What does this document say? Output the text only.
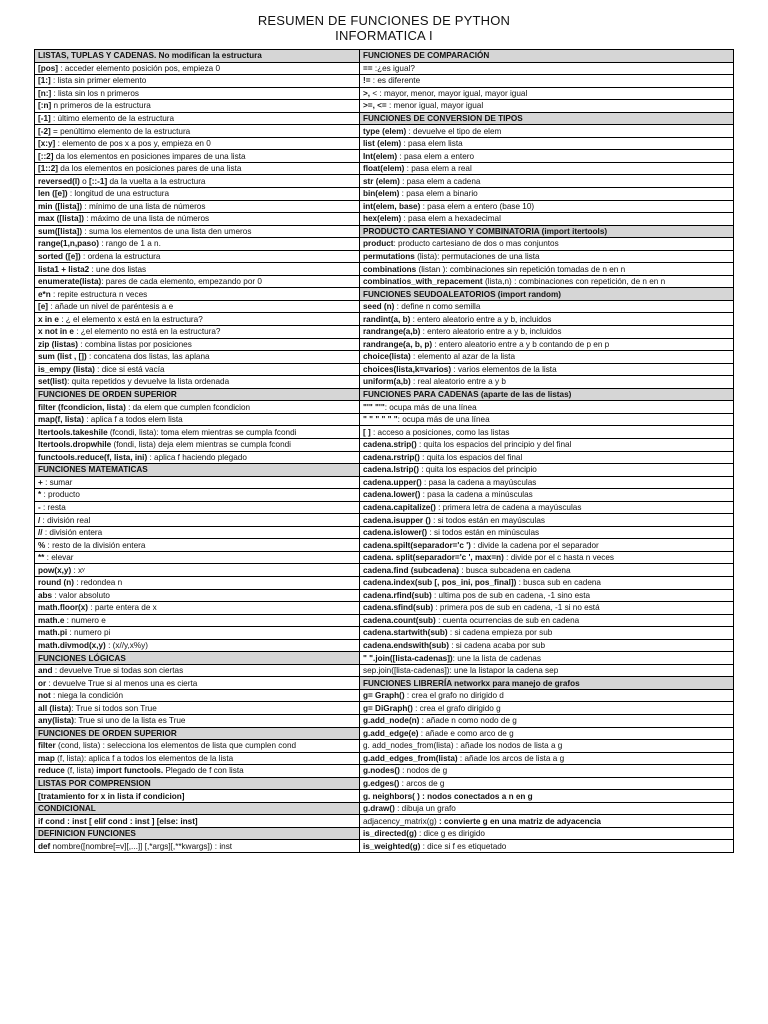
RESUMEN DE FUNCIONES DE PYTHON
INFORMATICA I
LISTAS, TUPLAS Y CADENAS. No modifican la estructura	FUNCIONES DE COMPARACIÓN
[pos] : acceder elemento posición pos, empieza 0	== :¿es igual?
[1:] : lista sin primer elemento	!= : es diferente
[n:] : lista sin los n primeros	>, < : mayor, menor, mayor igual, mayor igual
[:n] n primeros de la estructura	>=, <= : menor igual, mayor igual
[-1] : último elemento de la estructura	FUNCIONES DE CONVERSION DE TIPOS
[-2] = penúltimo elemento de la estructura	type (elem) : devuelve el tipo de elem
[x:y] : elemento de pos x a pos y, empieza en 0	list (elem) : pasa elem lista
[::2] da los elementos en posiciones impares de una lista	Int(elem) : pasa elem a entero
[1::2] da los elementos en posiciones pares de una lista	float(elem) : pasa elem a real
reversed(l) o [::-1] da la vuelta a la estructura	str (elem) : pasa elem a cadena
len ([e]) : longitud de una estructura	bin(elem) : pasa elem a binario
min ([lista]) : mínimo de una lista de números	int(elem, base) : pasa elem a entero (base 10)
max ([lista]) : máximo de una lista de números	hex(elem) : pasa elem a hexadecimal
sum([lista]) : suma los elementos de una lista den umeros	PRODUCTO CARTESIANO Y COMBINATORIA (import itertools)
range(1,n,paso) : rango de 1 a n.	product: producto cartesiano de dos o mas conjuntos
sorted ([e]) : ordena la estructura	permutations (lista): permutaciones de una lista
lista1 + lista2 : une dos listas	combinations (listan ): combinaciones sin repetición tomadas de n en n
enumerate(lista): pares de cada elemento, empezando por 0	combinatios_with_repacement (lista,n) : combinaciones con repetición, de n en n
e*n : repite estructura n veces	FUNCIONES SEUDOALEATORIOS (import random)
[e] : añade un nivel de paréntesis a e	seed (n) : define n como semilla
x in e : ¿ el elemento x está en la estructura?	randint(a, b) : entero aleatorio entre a y b, incluidos
x not in e : ¿el elemento no está en la estructura?	randrange(a,b) : entero aleatorio entre a y b, incluidos
zip (listas) : combina listas por posiciones	randrange(a, b, p) : entero aleatorio entre a y b contando de p en p
sum (list , []) : concatena dos listas, las aplana	choice(lista) : elemento al azar de la lista
is_empy (lista) : dice si está vacía	choices(lista,k=varios) : varios elementos de la lista
set(list): quita repetidos y devuelve la lista ordenada	uniform(a,b) : real aleatorio entre a y b
FUNCIONES DE ORDEN SUPERIOR	FUNCIONES PARA CADENAS (aparte de las de listas)
filter (fcondicion, lista) : da elem que cumplen fcondicion	"'" "'": ocupa más de una línea
map(f, lista) : aplica f a todos elem lista	" " " " " ": ocupa más de una línea
Itertools.takeshile (fcondi, lista): toma elem mientras se cumpla fcondi	[ ] : acceso a posiciones, como las listas
Itertools.dropwhile (fondi, lista) deja elem mientras se cumpla fcondi	cadena.strip() : quita los espacios del principio y del final
functools.reduce(f, lista, ini) : aplica f haciendo plegado	cadena.rstrip() : quita los espacios del final
FUNCIONES MATEMATICAS	cadena.lstrip() : quita los espacios del principio
+ : sumar	cadena.upper() : pasa la cadena a mayúsculas
* : producto	cadena.lower() : pasa la cadena a minúsculas
- : resta	cadena.capitalize() : primera letra de cadena a mayúsculas
/ : división real	cadena.isupper () : si todos están en mayúsculas
// : división entera	cadena.islower() : si todos están en minúsculas
% : resto de la división entera	cadena.spilt(separador='c ') : divide la cadena por el separador
** : elevar	cadena. split(separador='c ', max=n) : divide por el c hasta n veces
pow(x,y) : xʸ	cadena.find (subcadena) : busca subcadena en cadena
round (n) : redondea n	cadena.index(sub [, pos_ini, pos_final]) : busca sub en cadena
abs : valor absoluto	cadena.rfind(sub) : ultima pos de sub en cadena, -1 sino esta
math.floor(x) : parte entera de x	cadena.sfind(sub) : primera pos de sub en cadena, -1 si no está
math.e : numero e	cadena.count(sub) : cuenta ocurrencias de sub en cadena
math.pi : numero pi	cadena.startwith(sub) : si cadena empieza por sub
math.divmod(x,y) : (x//y,x%y)	cadena.endswith(sub) : si cadena acaba por sub
FUNCIONES LÓGICAS	" ".join([lista-cadenas]): une la lista de cadenas
and : devuelve True si todas son ciertas	sep.join([lista-cadenas]): une la listapor la cadena sep
or : devuelve True si al menos una es cierta	FUNCIONES LIBRERÍA networkx para manejo de grafos
not : niega la condición	g= Graph() : crea el grafo no dirigido d
all (lista): True si todos son True	g= DiGraph() : crea el grafo dirigido g
any(lista): True si uno de la lista es True	g.add_node(n) : añade n como nodo de g
FUNCIONES DE ORDEN SUPERIOR	g.add_edge(e) : añade e como arco de g
filter (cond, lista) : selecciona los elementos de lista que cumplen cond	g. add_nodes_from(lista) : añade los nodos de lista a g
map (f, lista): aplica f a todos los elementos de la lista	g.add_edges_from(lista) : añade los arcos de lista a g
reduce (f, lista) import functools. Plegado de f con lista	g.nodes() : nodos de g
LISTAS POR COMPRENSION	g.edges() : arcos de g
[tratamiento for x in lista if condicion]	g. neighbors( ) : nodos conectados a n en g
CONDICIONAL	g.draw() : dibuja un grafo
if cond : inst [ elif cond : inst ] [else: inst]	adjacency_matrix(g) : convierte g en una matriz de adyacencia
DEFINICION FUNCIONES	is_directed(g) : dice g es dirigido
def nombre([nombre[=v][,...]] [,*args][,**kwargs]) : inst	is_weighted(g) : dice si f es etiquetado
